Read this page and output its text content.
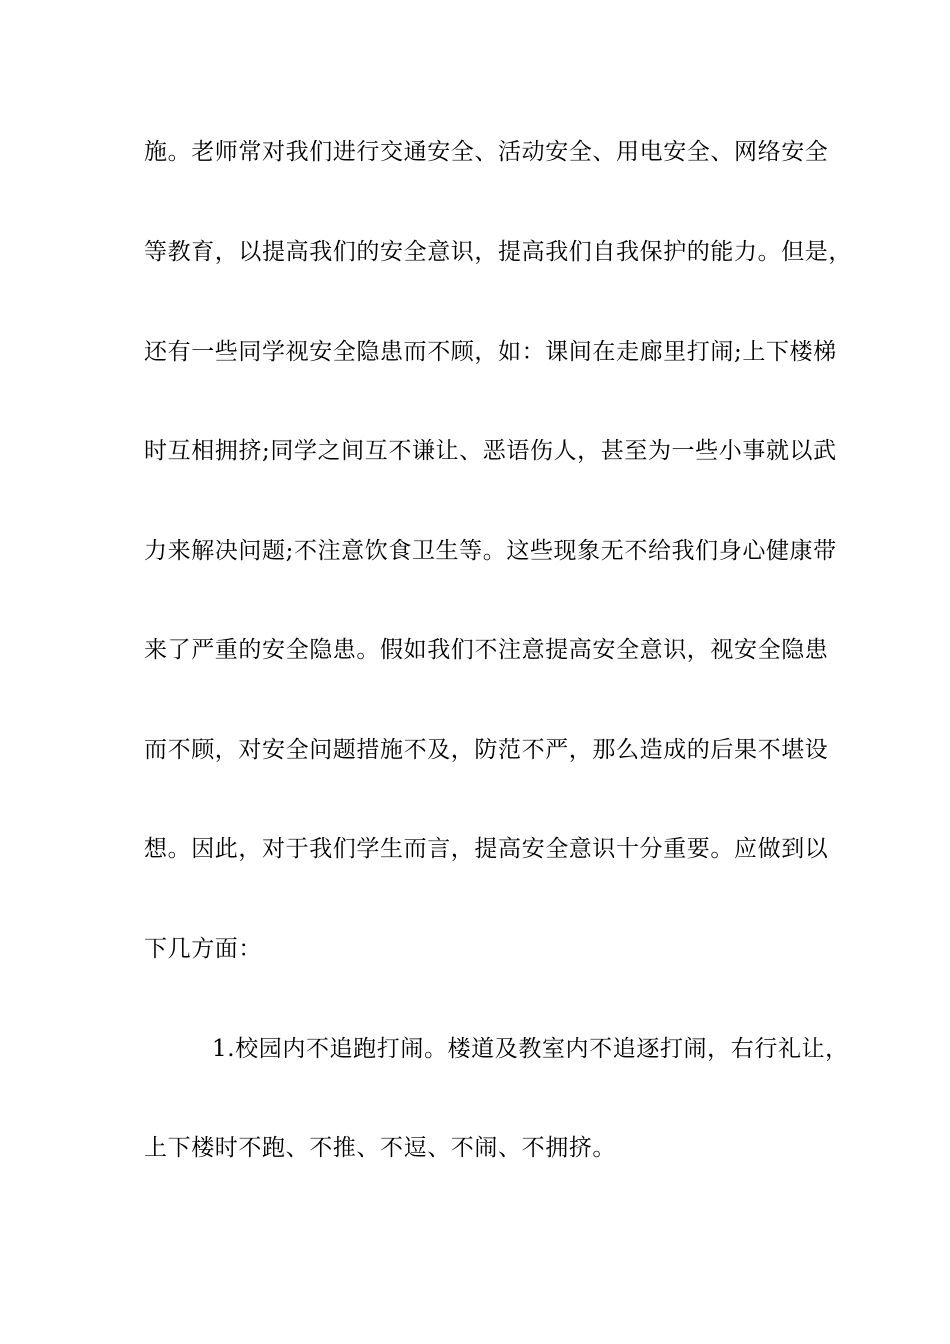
施。老师常对我们进行交通安全、活动安全、用电安全、网络安全
等教育，以提高我们的安全意识，提高我们自我保护的能力。但是，
还有一些同学视安全隐患而不顾，如：课间在走廊里打闹;上下楼梯
时互相拥挤;同学之间互不谦让、恶语伤人，甚至为一些小事就以武
力来解决问题;不注意饮食卫生等。这些现象无不给我们身心健康带
来了严重的安全隐患。假如我们不注意提高安全意识，视安全隐患
而不顾，对安全问题措施不及，防范不严，那么造成的后果不堪设
想。因此，对于我们学生而言，提高安全意识十分重要。应做到以
下几方面：
1.校园内不追跑打闹。楼道及教室内不追逐打闹，右行礼让，
上下楼时不跑、不推、不逗、不闹、不拥挤。
